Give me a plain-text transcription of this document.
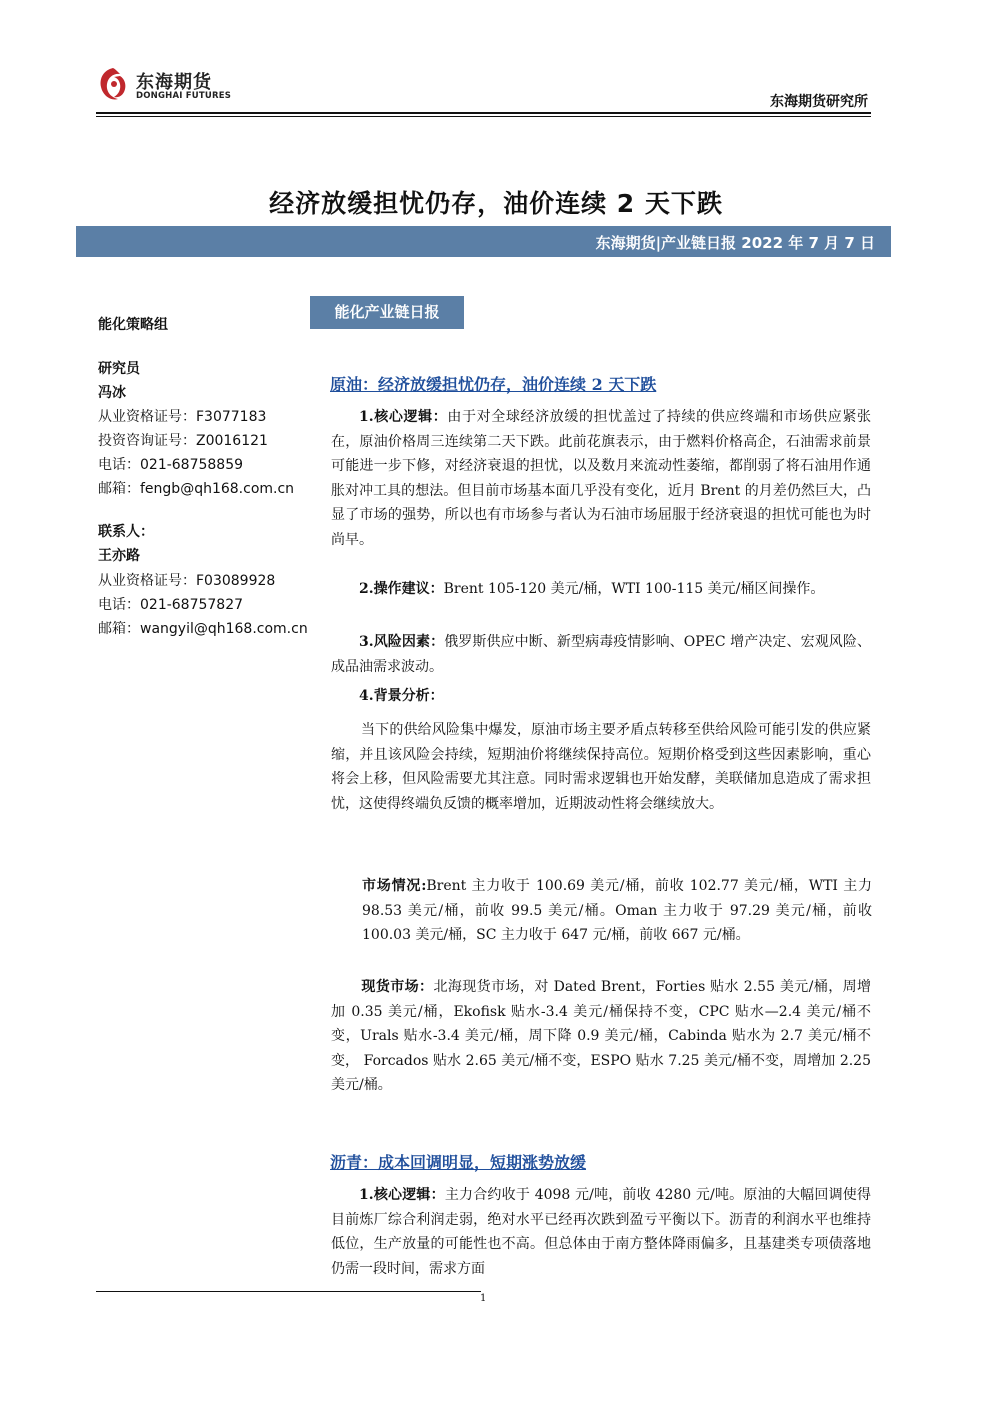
东海期货
DONGHAI FUTURES	东海期货研究所
经济放缓担忧仍存，油价连续 2 天下跌
东海期货|产业链日报 2022 年 7 月 7 日
能化策略组
研究员
冯冰
从业资格证号：F3077183
投资咨询证号：Z0016121
电话：021-68758859
邮箱：fengb@qh168.com.cn
联系人：
王亦路
从业资格证号：F03089928
电话：021-68757827
邮箱：wangyil@qh168.com.cn
能化产业链日报
原油：经济放缓担忧仍存，油价连续 2 天下跌
1.核心逻辑：由于对全球经济放缓的担忧盖过了持续的供应终端和市场供应紧张在，原油价格周三连续第二天下跌。此前花旗表示，由于燃料价格高企，石油需求前景可能进一步下修，对经济衰退的担忧，以及数月来流动性萎缩，都削弱了将石油用作通胀对冲工具的想法。但目前市场基本面几乎没有变化，近月 Brent 的月差仍然巨大，凸显了市场的强势，所以也有市场参与者认为石油市场屈服于经济衰退的担忧可能也为时尚早。
2.操作建议：Brent 105-120 美元/桶，WTI 100-115 美元/桶区间操作。
3.风险因素：俄罗斯供应中断、新型病毒疫情影响、OPEC 增产决定、宏观风险、成品油需求波动。
4.背景分析：
当下的供给风险集中爆发，原油市场主要矛盾点转移至供给风险可能引发的供应紧缩，并且该风险会持续，短期油价将继续保持高位。短期价格受到这些因素影响，重心将会上移，但风险需要尤其注意。同时需求逻辑也开始发酵，美联储加息造成了需求担忧，这使得终端负反馈的概率增加，近期波动性将会继续放大。
市场情况:Brent 主力收于 100.69 美元/桶，前收 102.77 美元/桶，WTI 主力 98.53 美元/桶，前收 99.5 美元/桶。Oman 主力收于 97.29 美元/桶，前收 100.03 美元/桶，SC 主力收于 647 元/桶，前收 667 元/桶。
现货市场：北海现货市场，对 Dated Brent，Forties 贴水 2.55 美元/桶，周增加 0.35 美元/桶，Ekofisk 贴水-3.4 美元/桶保持不变，CPC 贴水—2.4 美元/桶不变，Urals 贴水-3.4 美元/桶，周下降 0.9 美元/桶，Cabinda 贴水为 2.7 美元/桶不变， Forcados 贴水 2.65 美元/桶不变，ESPO 贴水 7.25 美元/桶不变，周增加 2.25 美元/桶。
沥青：成本回调明显，短期涨势放缓
1.核心逻辑：主力合约收于 4098 元/吨，前收 4280 元/吨。原油的大幅回调使得目前炼厂综合利润走弱，绝对水平已经再次跌到盈亏平衡以下。沥青的利润水平也维持低位，生产放量的可能性也不高。但总体由于南方整体降雨偏多，且基建类专项债落地仍需一段时间，需求方面
1
